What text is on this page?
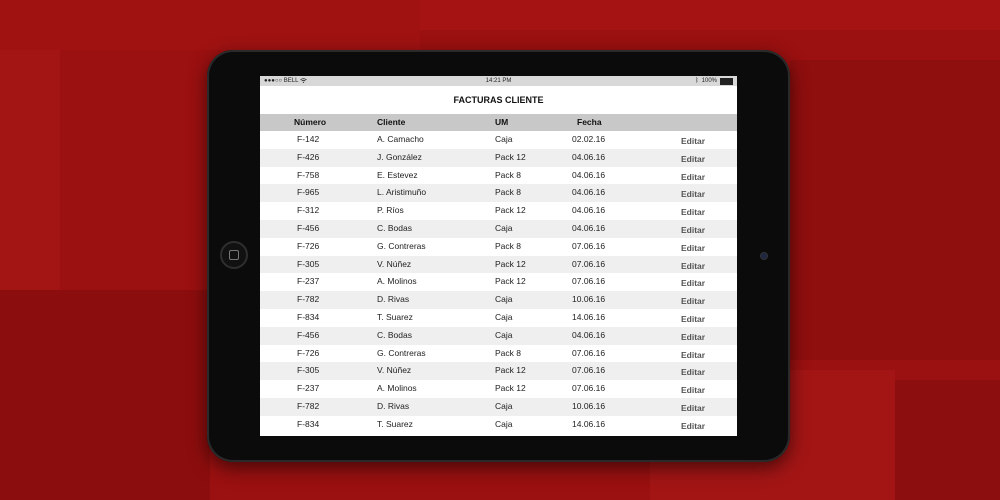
●●●○○ BELL	14:21 PM	ᛒ 100%
FACTURAS CLIENTE
Número	Cliente	UM	Fecha
F-142	A. Camacho	Caja	02.02.16	Editar
F-426	J. González	Pack 12	04.06.16	Editar
F-758	E. Estevez	Pack 8	04.06.16	Editar
F-965	L. Aristimuño	Pack 8	04.06.16	Editar
F-312	P. Ríos	Pack 12	04.06.16	Editar
F-456	C. Bodas	Caja	04.06.16	Editar
F-726	G. Contreras	Pack 8	07.06.16	Editar
F-305	V. Núñez	Pack 12	07.06.16	Editar
F-237	A. Molinos	Pack 12	07.06.16	Editar
F-782	D. Rivas	Caja	10.06.16	Editar
F-834	T. Suarez	Caja	14.06.16	Editar
F-456	C. Bodas	Caja	04.06.16	Editar
F-726	G. Contreras	Pack 8	07.06.16	Editar
F-305	V. Núñez	Pack 12	07.06.16	Editar
F-237	A. Molinos	Pack 12	07.06.16	Editar
F-782	D. Rivas	Caja	10.06.16	Editar
F-834	T. Suarez	Caja	14.06.16	Editar
